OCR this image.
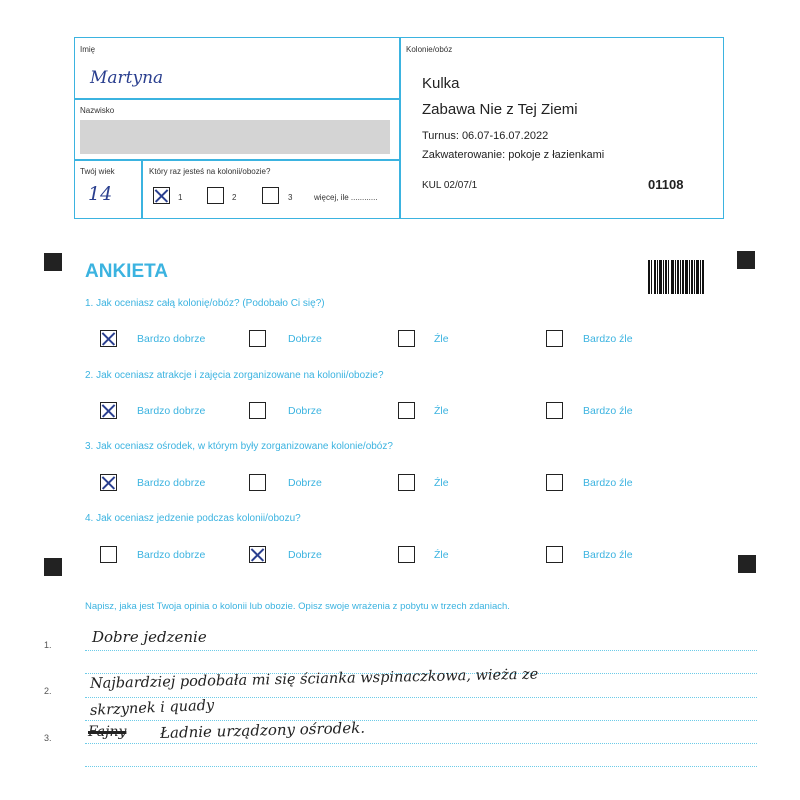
Imię
Martyna
Nazwisko
Twój wiek
14
Który raz jesteś na kolonii/obozie?
1	2	3	więcej, ile ............
Kolonie/obóz
Kulka
Zabawa Nie z Tej Ziemi
Turnus: 06.07-16.07.2022
Zakwaterowanie: pokoje z łazienkami
KUL 02/07/1	01108
ANKIETA
1. Jak oceniasz całą kolonię/obóz? (Podobało Ci się?)
Bardzo dobrze	Dobrze	Źle	Bardzo źle
2. Jak oceniasz atrakcje i zajęcia zorganizowane na kolonii/obozie?
Bardzo dobrze	Dobrze	Źle	Bardzo źle
3. Jak oceniasz ośrodek, w którym były zorganizowane kolonie/obóz?
Bardzo dobrze	Dobrze	Źle	Bardzo źle
4. Jak oceniasz jedzenie podczas kolonii/obozu?
Bardzo dobrze	Dobrze	Źle	Bardzo źle
Napisz, jaka jest Twoja opinia o kolonii lub obozie. Opisz swoje wrażenia z pobytu w trzech zdaniach.
1.
2.
3.
Dobre jedzenie
Najbardziej podobała mi się ścianka wspinaczkowa, wieża ze
skrzynek i quady
Fajny Ładnie urządzony ośrodek.
